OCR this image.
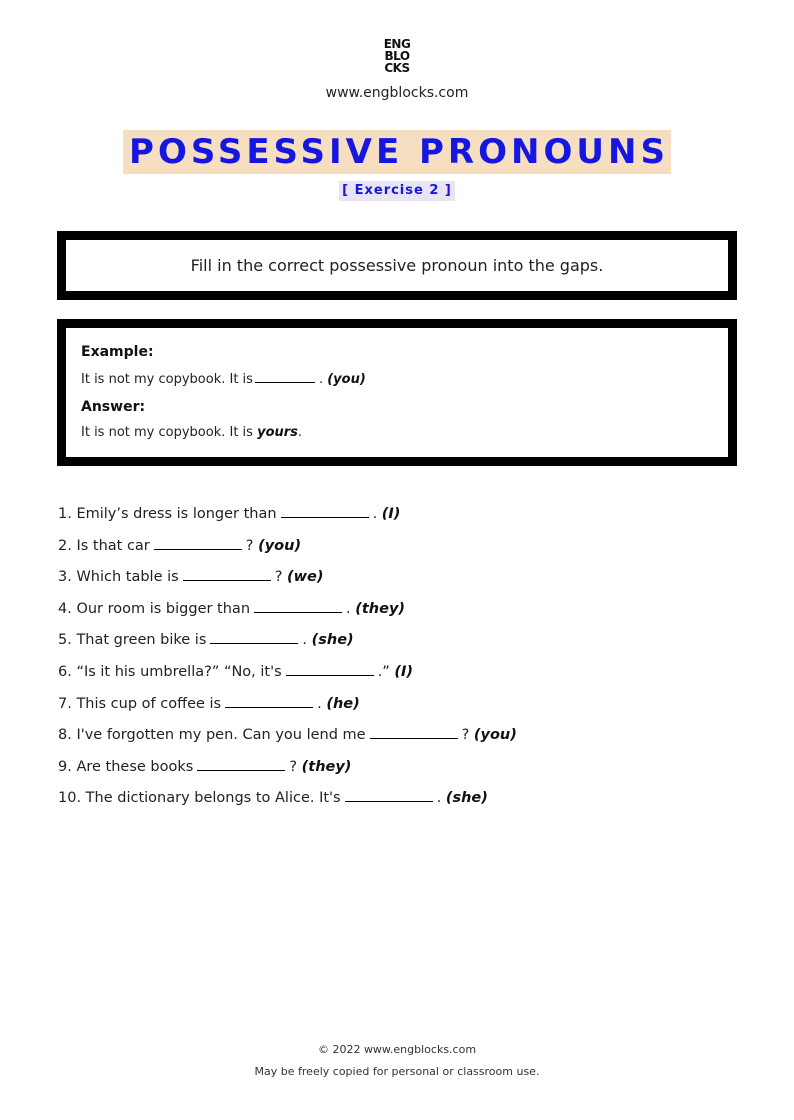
ENG
BLO
CKS
www.engblocks.com
POSSESSIVE PRONOUNS
[ Exercise 2 ]
Fill in the correct possessive pronoun into the gaps.

Example:

It is not my copybook. It is	. (you)

Answer:

It is not my copybook. It is yours.

1. Emily’s dress is longer than	. (I)
2. Is that car	? (you)
3. Which table is	? (we)
4. Our room is bigger than	. (they)
5. That green bike is	. (she)
6. “Is it his umbrella?” “No, it's	.” (I)
7. This cup of coffee is	. (he)
8. I've forgotten my pen. Can you lend me	? (you)
9. Are these books	? (they)
10. The dictionary belongs to Alice. It's	. (she)
© 2022 www.engblocks.com
May be freely copied for personal or classroom use.
